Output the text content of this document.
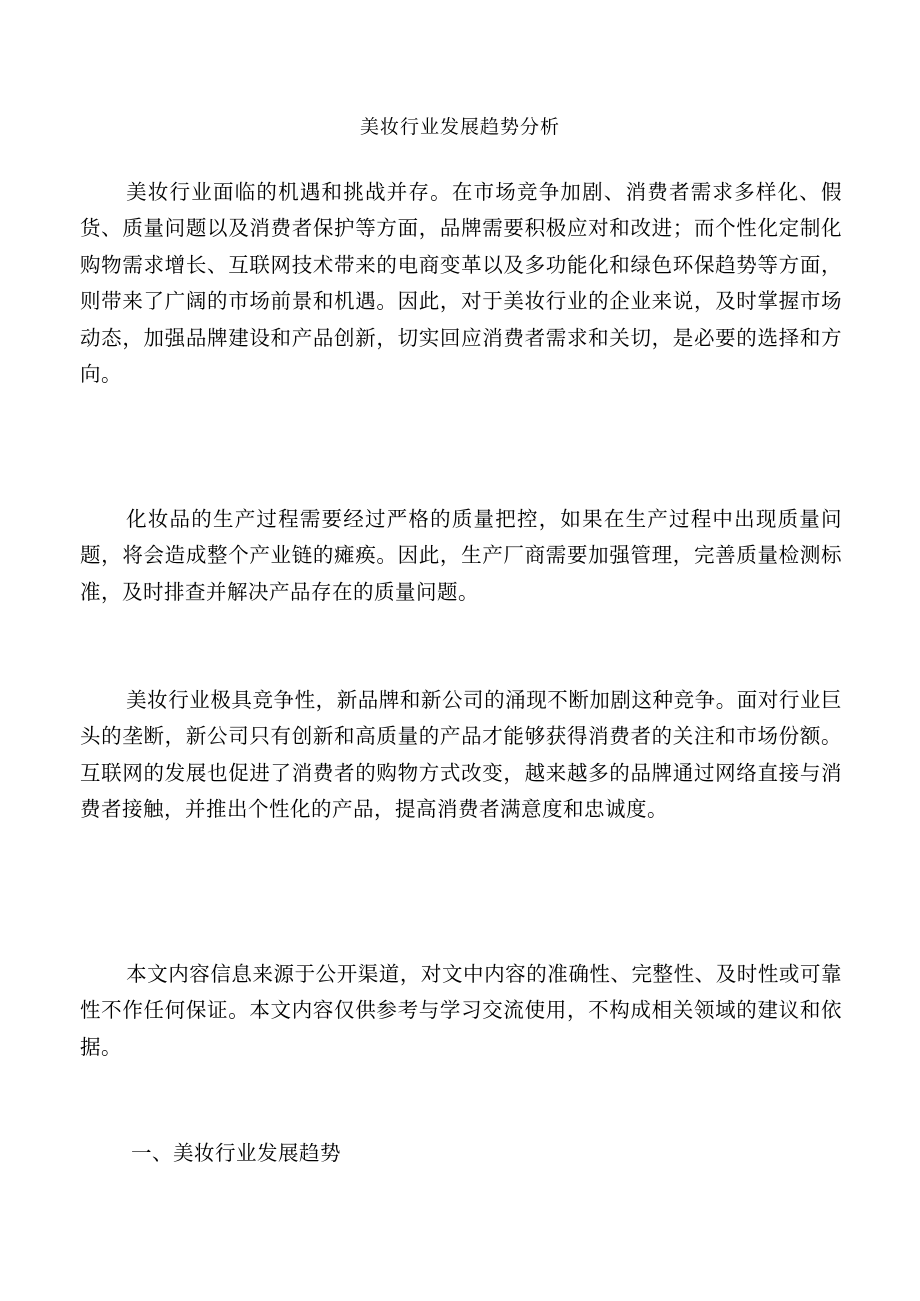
美妆行业发展趋势分析

美妆行业面临的机遇和挑战并存。在市场竞争加剧、消费者需求多样化、假货、质量问题以及消费者保护等方面，品牌需要积极应对和改进；而个性化定制化购物需求增长、互联网技术带来的电商变革以及多功能化和绿色环保趋势等方面，则带来了广阔的市场前景和机遇。因此，对于美妆行业的企业来说，及时掌握市场动态，加强品牌建设和产品创新，切实回应消费者需求和关切，是必要的选择和方向。

化妆品的生产过程需要经过严格的质量把控，如果在生产过程中出现质量问题，将会造成整个产业链的瘫痪。因此，生产厂商需要加强管理，完善质量检测标准，及时排查并解决产品存在的质量问题。

美妆行业极具竞争性，新品牌和新公司的涌现不断加剧这种竞争。面对行业巨头的垄断，新公司只有创新和高质量的产品才能够获得消费者的关注和市场份额。互联网的发展也促进了消费者的购物方式改变，越来越多的品牌通过网络直接与消费者接触，并推出个性化的产品，提高消费者满意度和忠诚度。

本文内容信息来源于公开渠道，对文中内容的准确性、完整性、及时性或可靠性不作任何保证。本文内容仅供参考与学习交流使用，不构成相关领域的建议和依据。

一、美妆行业发展趋势
